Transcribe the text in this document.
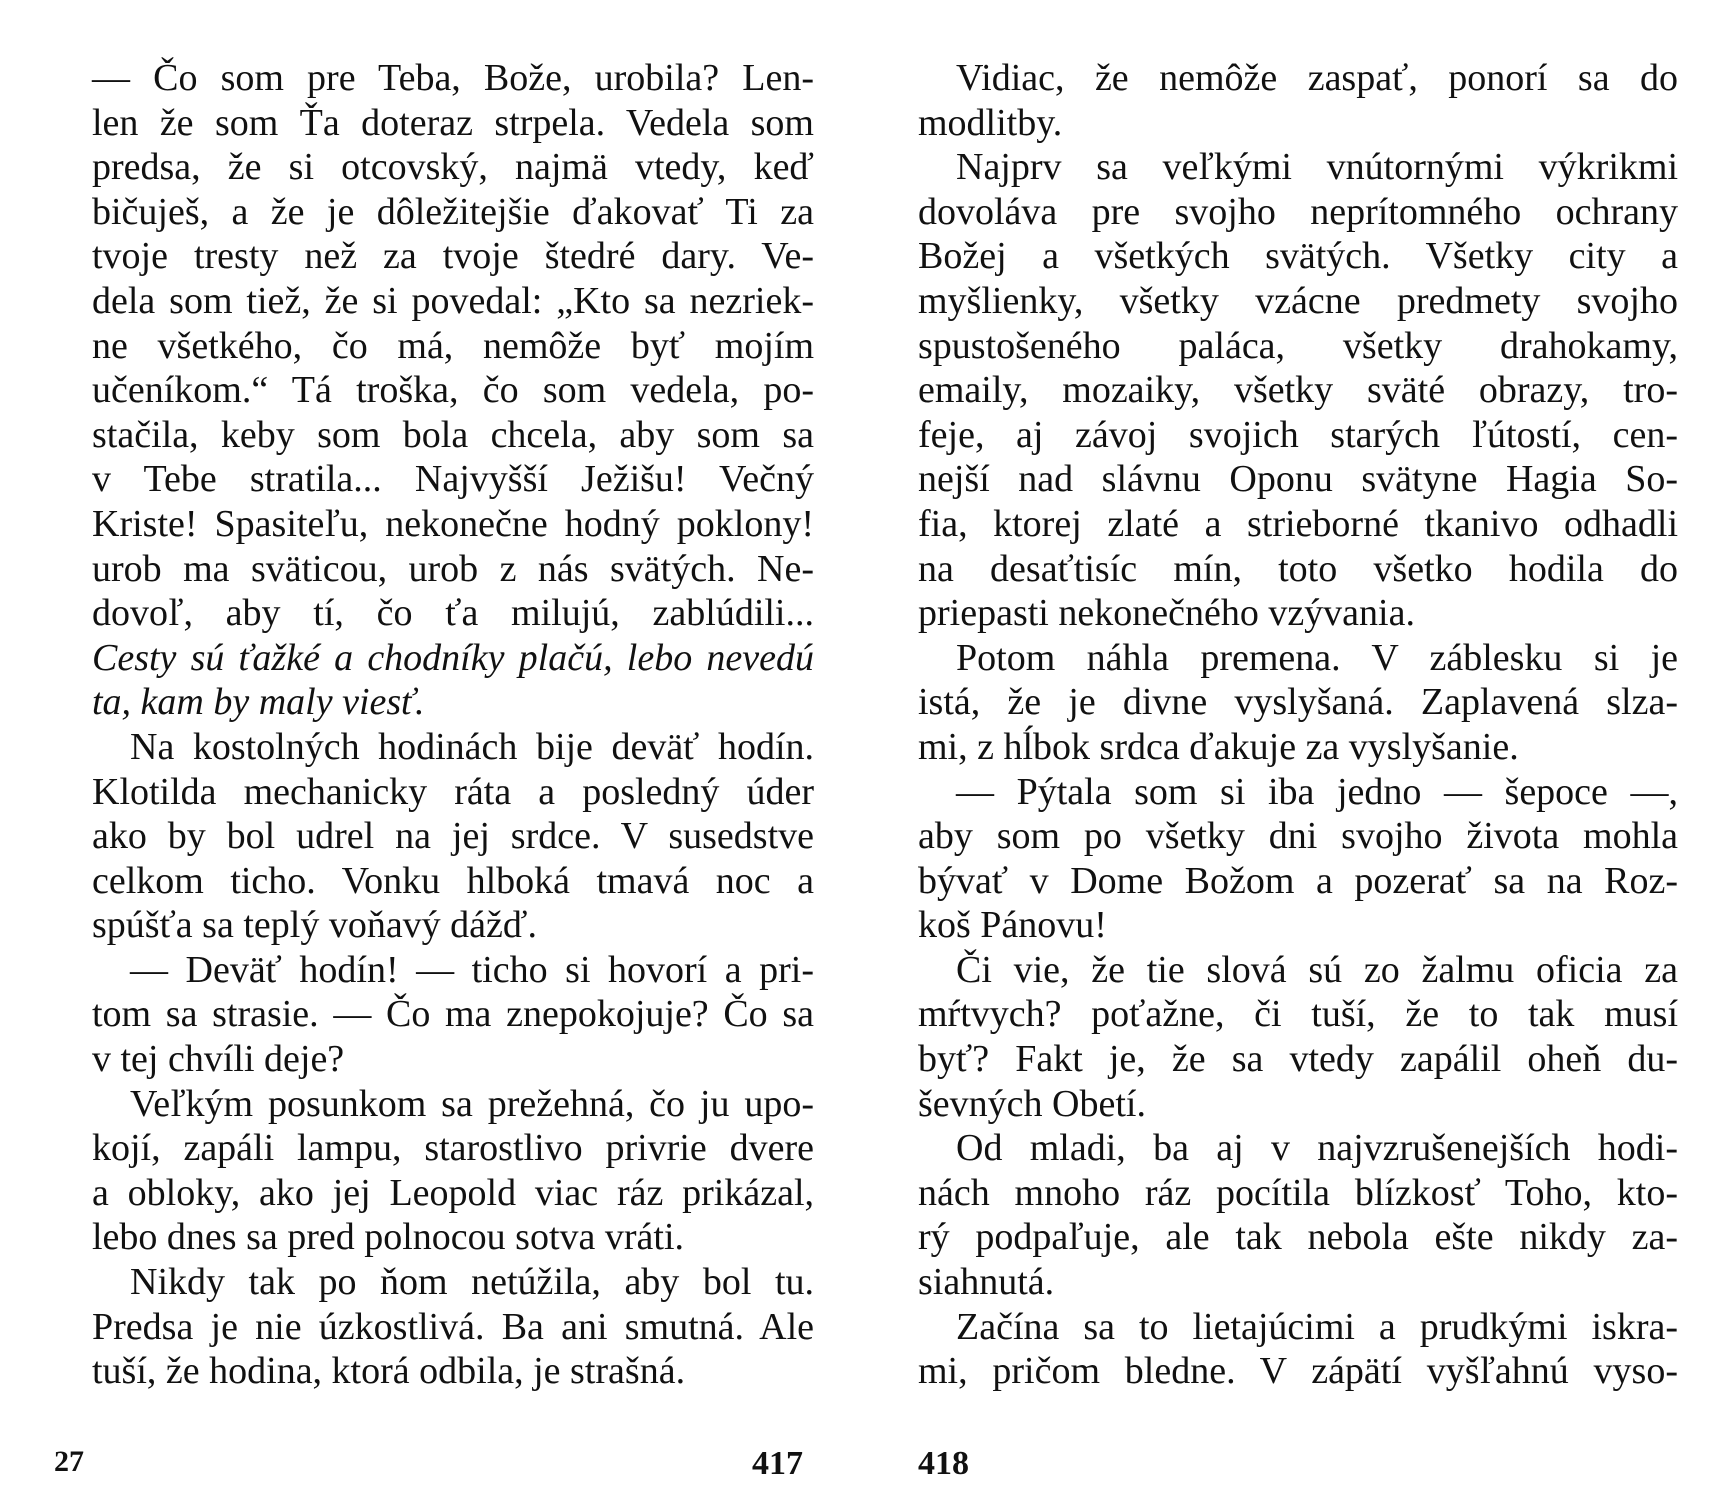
— Čo som pre Teba, Bože, urobila? Len-
len že som Ťa doteraz strpela. Vedela som
predsa, že si otcovský, najmä vtedy, keď
bičuješ, a že je dôležitejšie ďakovať Ti za
tvoje tresty než za tvoje štedré dary. Ve-
dela som tiež, že si povedal: „Kto sa nezriek-
ne všetkého, čo má, nemôže byť mojím
učeníkom.“ Tá troška, čo som vedela, po-
stačila, keby som bola chcela, aby som sa
v Tebe stratila... Najvyšší Ježišu! Večný
Kriste! Spasiteľu, nekonečne hodný poklony!
urob ma sväticou, urob z nás svätých. Ne-
dovoľ, aby tí, čo ťa milujú, zablúdili...
Cesty sú ťažké a chodníky plačú, lebo nevedú
ta, kam by maly viesť.
Na kostolných hodinách bije deväť hodín.
Klotilda mechanicky ráta a posledný úder
ako by bol udrel na jej srdce. V susedstve
celkom ticho. Vonku hlboká tmavá noc a
spúšťa sa teplý voňavý dážď.
— Deväť hodín! — ticho si hovorí a pri-
tom sa strasie. — Čo ma znepokojuje? Čo sa
v tej chvíli deje?
Veľkým posunkom sa prežehná, čo ju upo-
kojí, zapáli lampu, starostlivo privrie dvere
a obloky, ako jej Leopold viac ráz prikázal,
lebo dnes sa pred polnocou sotva vráti.
Nikdy tak po ňom netúžila, aby bol tu.
Predsa je nie úzkostlivá. Ba ani smutná. Ale
tuší, že hodina, ktorá odbila, je strašná.

Vidiac, že nemôže zaspať, ponorí sa do
modlitby.
Najprv sa veľkými vnútornými výkrikmi
dovoláva pre svojho neprítomného ochrany
Božej a všetkých svätých. Všetky city a
myšlienky, všetky vzácne predmety svojho
spustošeného paláca, všetky drahokamy,
emaily, mozaiky, všetky sväté obrazy, tro-
feje, aj závoj svojich starých ľútostí, cen-
nejší nad slávnu Oponu svätyne Hagia So-
fia, ktorej zlaté a strieborné tkanivo odhadli
na desaťtisíc mín, toto všetko hodila do
priepasti nekonečného vzývania.
Potom náhla premena. V záblesku si je
istá, že je divne vyslyšaná. Zaplavená slza-
mi, z hĺbok srdca ďakuje za vyslyšanie.
— Pýtala som si iba jedno — šepoce —,
aby som po všetky dni svojho života mohla
bývať v Dome Božom a pozerať sa na Roz-
koš Pánovu!
Či vie, že tie slová sú zo žalmu oficia za
mŕtvych? poťažne, či tuší, že to tak musí
byť? Fakt je, že sa vtedy zapálil oheň du-
ševných Obetí.
Od mladi, ba aj v najvzrušenejších hodi-
nách mnoho ráz pocítila blízkosť Toho, kto-
rý podpaľuje, ale tak nebola ešte nikdy za-
siahnutá.
Začína sa to lietajúcimi a prudkými iskra-
mi, pričom bledne. V zápätí vyšľahnú vyso-

27	417	418
